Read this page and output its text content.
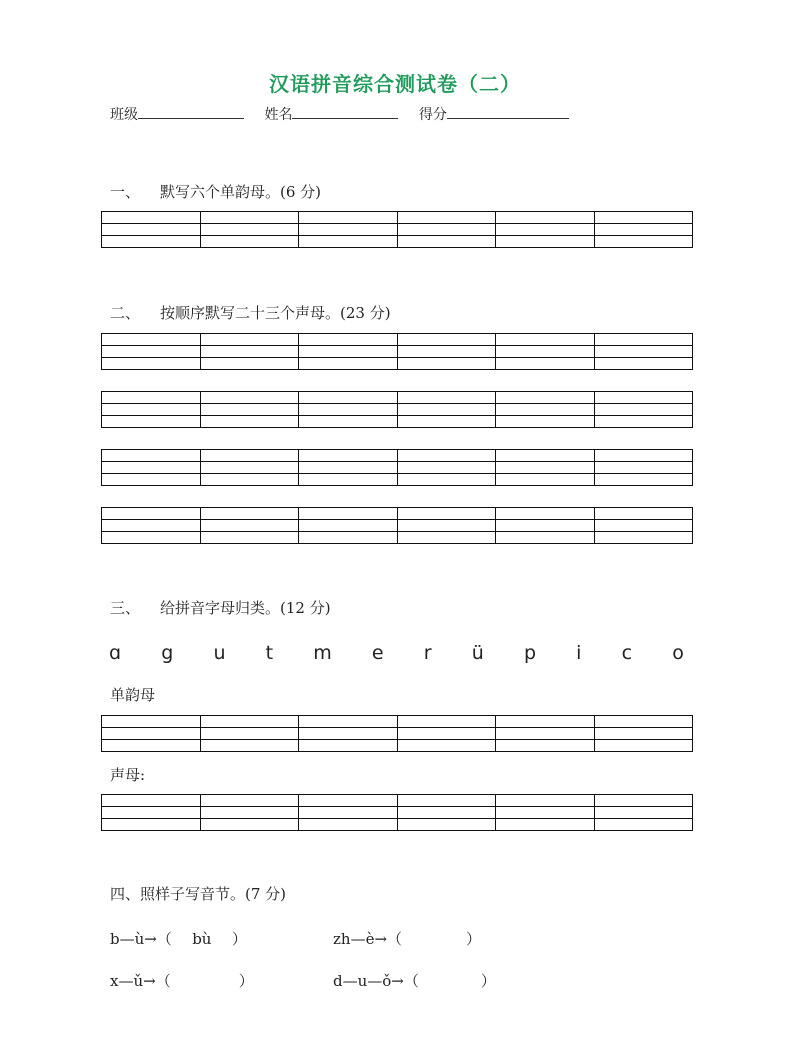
汉语拼音综合测试卷（二）
班级	姓名	得分
一、 默写六个单韵母。(6 分)
二、 按顺序默写二十三个声母。(23 分)
三、 给拼音字母归类。(12 分)
ɑ g u t m e r ü p i c o
单韵母
声母:
四、照样子写音节。(7 分)
b—ù→（ bù ）	zh—è→（	）
x—ǔ→（	）	d—u—ǒ→（	）
